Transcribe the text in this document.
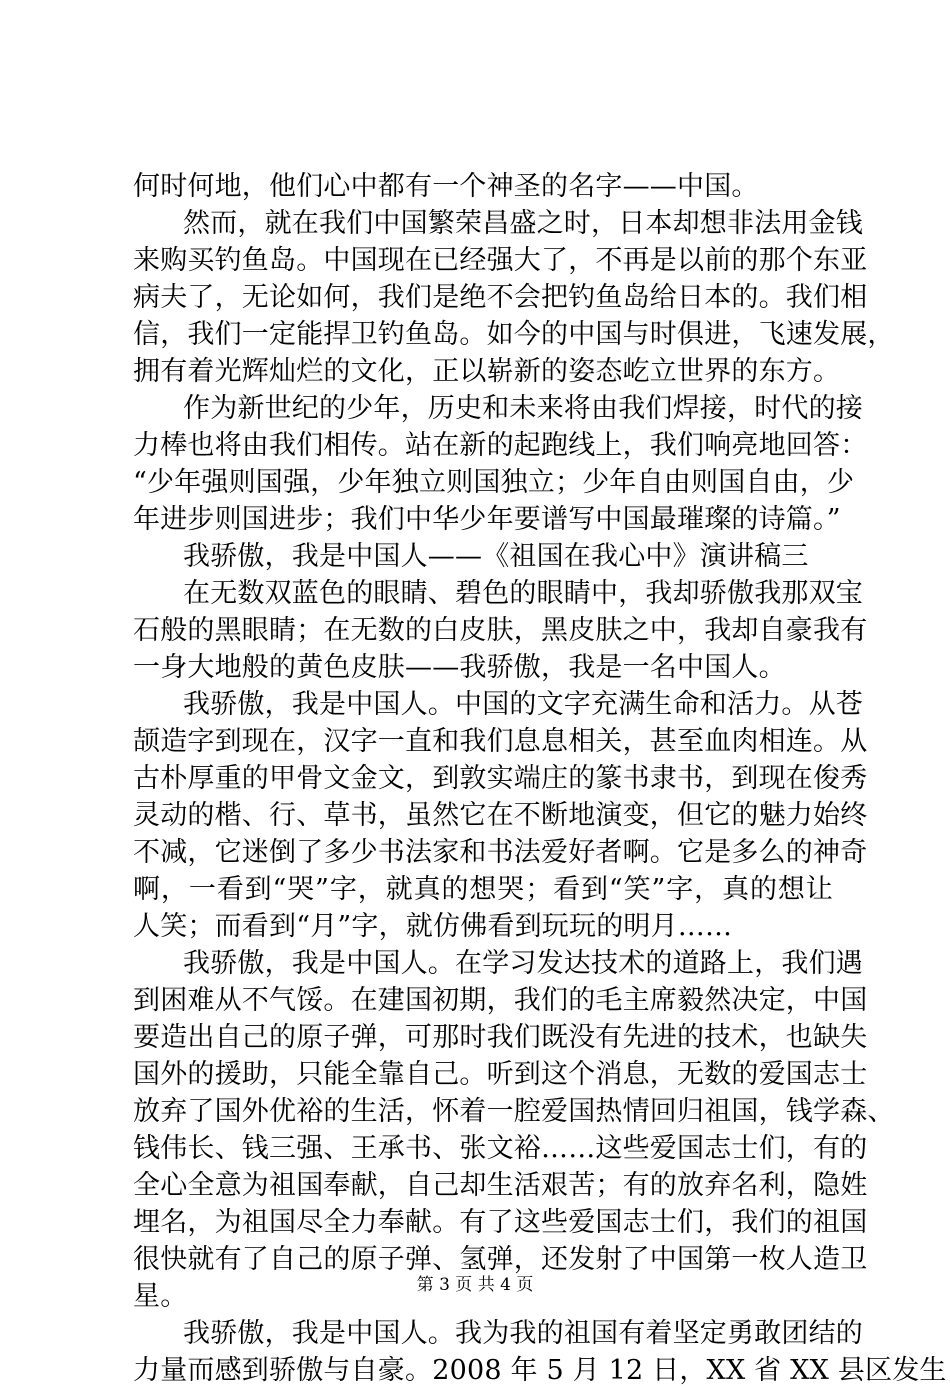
何时何地，他们心中都有一个神圣的名字——中国。
然而，就在我们中国繁荣昌盛之时，日本却想非法用金钱
来购买钓鱼岛。中国现在已经强大了，不再是以前的那个东亚
病夫了，无论如何，我们是绝不会把钓鱼岛给日本的。我们相
信，我们一定能捍卫钓鱼岛。如今的中国与时俱进，飞速发展，
拥有着光辉灿烂的文化，正以崭新的姿态屹立世界的东方。
作为新世纪的少年，历史和未来将由我们焊接，时代的接
力棒也将由我们相传。站在新的起跑线上，我们响亮地回答：
“少年强则国强，少年独立则国独立；少年自由则国自由，少
年进步则国进步；我们中华少年要谱写中国最璀璨的诗篇。”
我骄傲，我是中国人——《祖国在我心中》演讲稿三
在无数双蓝色的眼睛、碧色的眼睛中，我却骄傲我那双宝
石般的黑眼睛；在无数的白皮肤，黑皮肤之中，我却自豪我有
一身大地般的黄色皮肤——我骄傲，我是一名中国人。
我骄傲，我是中国人。中国的文字充满生命和活力。从苍
颉造字到现在，汉字一直和我们息息相关，甚至血肉相连。从
古朴厚重的甲骨文金文，到敦实端庄的篆书隶书，到现在俊秀
灵动的楷、行、草书，虽然它在不断地演变，但它的魅力始终
不减，它迷倒了多少书法家和书法爱好者啊。它是多么的神奇
啊，一看到“哭”字，就真的想哭；看到“笑”字，真的想让
人笑；而看到“月”字，就仿佛看到玩玩的明月……
我骄傲，我是中国人。在学习发达技术的道路上，我们遇
到困难从不气馁。在建国初期，我们的毛主席毅然决定，中国
要造出自己的原子弹，可那时我们既没有先进的技术，也缺失
国外的援助，只能全靠自己。听到这个消息，无数的爱国志士
放弃了国外优裕的生活，怀着一腔爱国热情回归祖国，钱学森、
钱伟长、钱三强、王承书、张文裕……这些爱国志士们，有的
全心全意为祖国奉献，自己却生活艰苦；有的放弃名利，隐姓
埋名，为祖国尽全力奉献。有了这些爱国志士们，我们的祖国
很快就有了自己的原子弹、氢弹，还发射了中国第一枚人造卫
星。
我骄傲，我是中国人。我为我的祖国有着坚定勇敢团结的
力量而感到骄傲与自豪。2008 年 5 月 12 日，XX 省 XX 县区发生
第 3 页 共 4 页
